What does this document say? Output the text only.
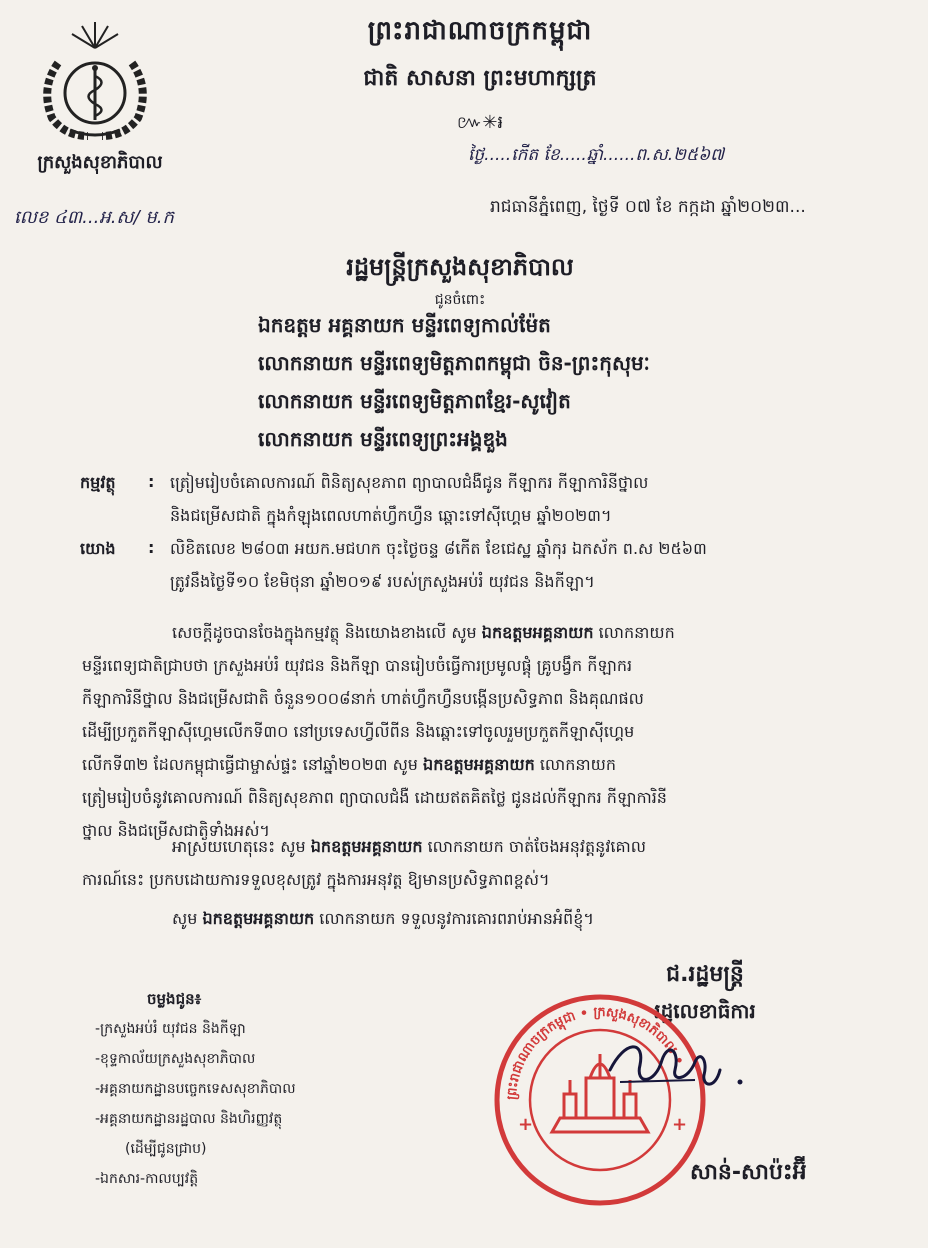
ក្រសួងសុខាភិបាល
លេខ ៤៣...អ.ស/ ម.ក
ព្រះរាជាណាចក្រកម្ពុជា
ជាតិ សាសនា ព្រះមហាក្សត្រ
៚✳៛
ថ្ងៃ.....កើត ខែ.....ឆ្នាំ......ព.ស.២៥៦៧
រាជធានីភ្នំពេញ, ថ្ងៃទី ០៧ ខែ កក្កដា ឆ្នាំ២០២៣...
រដ្ឋមន្ត្រីក្រសួងសុខាភិបាល
ជូនចំពោះ
ឯកឧត្តម អគ្គនាយក មន្ទីរពេទ្យកាល់ម៉ែត
លោកនាយក មន្ទីរពេទ្យមិត្តភាពកម្ពុជា ចិន-ព្រះកុសុមៈ
លោកនាយក មន្ទីរពេទ្យមិត្តភាពខ្មែរ-សូវៀត
លោកនាយក មន្ទីរពេទ្យព្រះអង្គឌួង
កម្មវត្ថុ	: ត្រៀមរៀបចំគោលការណ៍ ពិនិត្យសុខភាព ព្យាបាលជំងឺជូន កីឡាករ កីឡាការិនីថ្នាល
និងជម្រើសជាតិ ក្នុងកំឡុងពេលហាត់ហ្វឹកហ្វឺន ឆ្ពោះទៅស៊ីហ្គេម ឆ្នាំ២០២៣។
យោង	: លិខិតលេខ ២៨០៣ អយក.មជហក ចុះថ្ងៃចន្ទ ៨កើត ខែជេស្ឋ ឆ្នាំកុរ ឯកស័ក ព.ស ២៥៦៣
ត្រូវនឹងថ្ងៃទី១០ ខែមិថុនា ឆ្នាំ២០១៩ របស់ក្រសួងអប់រំ យុវជន និងកីឡា។
សេចក្តីដូចបានចែងក្នុងកម្មវត្ថុ និងយោងខាងលើ សូម ឯកឧត្តមអគ្គនាយក លោកនាយក
មន្ទីរពេទ្យជាតិជ្រាបថា ក្រសួងអប់រំ យុវជន និងកីឡា បានរៀបចំធ្វើការប្រមូលផ្តុំ គ្រូបង្វឹក កីឡាករ
កីឡាការិនីថ្នាល និងជម្រើសជាតិ ចំនួន១០០៨នាក់ ហាត់ហ្វឹកហ្វឺនបង្កើនប្រសិទ្ធភាព និងគុណផល
ដើម្បីប្រកួតកីឡាស៊ីហ្គេមលើកទី៣០ នៅប្រទេសហ្វីលីពីន និងឆ្ពោះទៅចូលរួមប្រកួតកីឡាស៊ីហ្គេម
លើកទី៣២ ដែលកម្ពុជាធ្វើជាម្ចាស់ផ្ទះ នៅឆ្នាំ២០២៣ សូម ឯកឧត្តមអគ្គនាយក លោកនាយក
ត្រៀមរៀបចំនូវគោលការណ៍ ពិនិត្យសុខភាព ព្យាបាលជំងឺ ដោយឥតគិតថ្លៃ ជូនដល់កីឡាករ កីឡាការិនី
ថ្នាល និងជម្រើសជាតិទាំងអស់។
អាស្រ័យហេតុនេះ សូម ឯកឧត្តមអគ្គនាយក លោកនាយក ចាត់ចែងអនុវត្តនូវគោល
ការណ៍នេះ ប្រកបដោយការទទួលខុសត្រូវ ក្នុងការអនុវត្ត ឱ្យមានប្រសិទ្ធភាពខ្ពស់។
សូម ឯកឧត្តមអគ្គនាយក លោកនាយក ទទួលនូវការគោរពរាប់អានអំពីខ្ញុំ។
ជ.រដ្ឋមន្ត្រី
រដ្ឋលេខាធិការ
ព្រះរាជាណាចក្រកម្ពុជា • ក្រសួងសុខាភិបាល •
+	+
សាន់-សាប៉ះអ៊ី
ចម្លងជូន៖
-ក្រសួងអប់រំ យុវជន និងកីឡា
-ខុទ្ទកាល័យក្រសួងសុខាភិបាល
-អគ្គនាយកដ្ឋានបច្ចេកទេសសុខាភិបាល
-អគ្គនាយកដ្ឋានរដ្ឋបាល និងហិរញ្ញវត្ថុ
(ដើម្បីជូនជ្រាប)
-ឯកសារ-កាលប្បវត្តិ
